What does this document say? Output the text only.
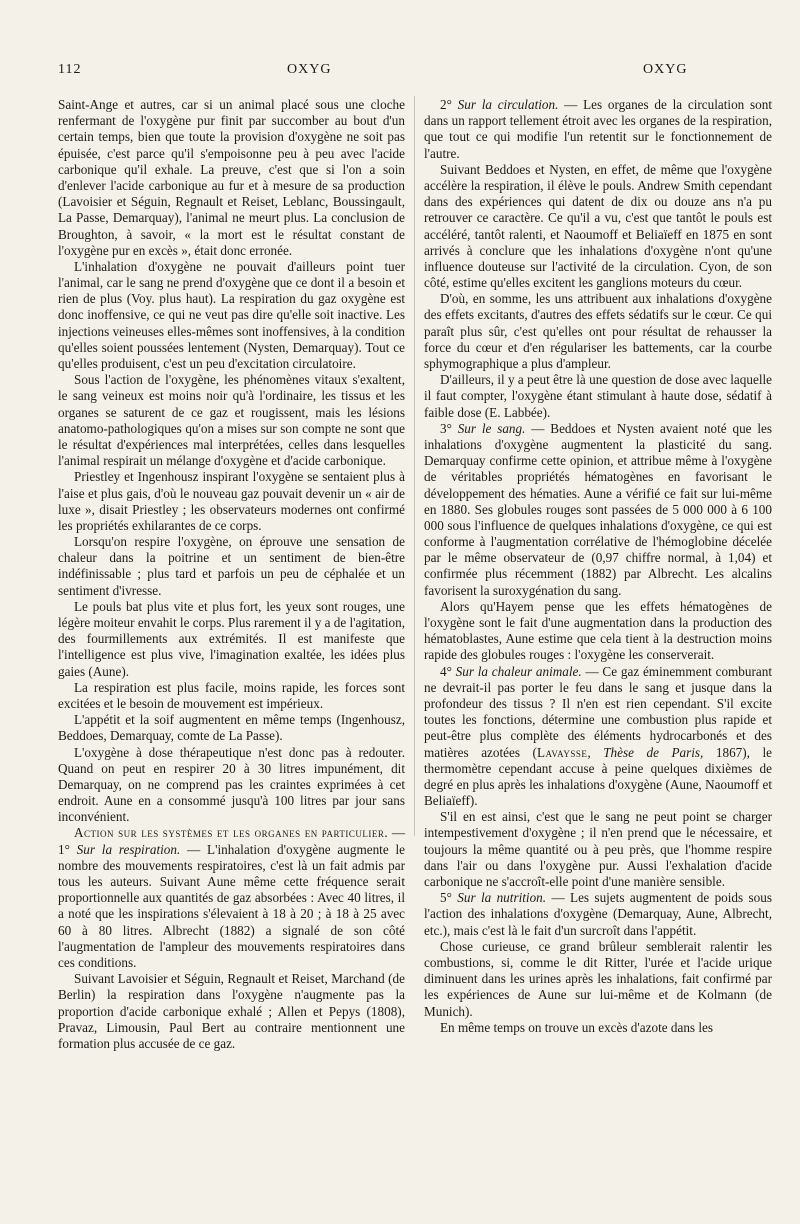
112	OXYG	OXYG

Saint-Ange et autres, car si un animal placé sous une cloche renfermant de l'oxygène pur finit par succomber au bout d'un certain temps, bien que toute la provision d'oxygène ne soit pas épuisée, c'est parce qu'il s'empoisonne peu à peu avec l'acide carbonique qu'il exhale. La preuve, c'est que si l'on a soin d'enlever l'acide carbonique au fur et à mesure de sa production (Lavoisier et Séguin, Regnault et Reiset, Leblanc, Boussingault, La Passe, Demarquay), l'animal ne meurt plus. La conclusion de Broughton, à savoir, « la mort est le résultat constant de l'oxygène pur en excès », était donc erronée.

L'inhalation d'oxygène ne pouvait d'ailleurs point tuer l'animal, car le sang ne prend d'oxygène que ce dont il a besoin et rien de plus (Voy. plus haut). La respiration du gaz oxygène est donc inoffensive, ce qui ne veut pas dire qu'elle soit inactive. Les injections veineuses elles-mêmes sont inoffensives, à la condition qu'elles soient poussées lentement (Nysten, Demarquay). Tout ce qu'elles produisent, c'est un peu d'excitation circulatoire.

Sous l'action de l'oxygène, les phénomènes vitaux s'exaltent, le sang veineux est moins noir qu'à l'ordinaire, les tissus et les organes se saturent de ce gaz et rougissent, mais les lésions anatomo-pathologiques qu'on a mises sur son compte ne sont que le résultat d'expériences mal interprétées, celles dans lesquelles l'animal respirait un mélange d'oxygène et d'acide carbonique.

Priestley et Ingenhousz inspirant l'oxygène se sentaient plus à l'aise et plus gais, d'où le nouveau gaz pouvait devenir un « air de luxe », disait Priestley ; les observateurs modernes ont confirmé les propriétés exhilarantes de ce corps.

Lorsqu'on respire l'oxygène, on éprouve une sensation de chaleur dans la poitrine et un sentiment de bien-être indéfinissable ; plus tard et parfois un peu de céphalée et un sentiment d'ivresse.

Le pouls bat plus vite et plus fort, les yeux sont rouges, une légère moiteur envahit le corps. Plus rarement il y a de l'agitation, des fourmillements aux extrémités. Il est manifeste que l'intelligence est plus vive, l'imagination exaltée, les idées plus gaies (Aune).

La respiration est plus facile, moins rapide, les forces sont excitées et le besoin de mouvement est impérieux.

L'appétit et la soif augmentent en même temps (Ingenhousz, Beddoes, Demarquay, comte de La Passe).

L'oxygène à dose thérapeutique n'est donc pas à redouter. Quand on peut en respirer 20 à 30 litres impunément, dit Demarquay, on ne comprend pas les craintes exprimées à cet endroit. Aune en a consommé jusqu'à 100 litres par jour sans inconvénient.

Action sur les systèmes et les organes en particulier. — 1° Sur la respiration. — L'inhalation d'oxygène augmente le nombre des mouvements respiratoires, c'est là un fait admis par tous les auteurs. Suivant Aune même cette fréquence serait proportionnelle aux quantités de gaz absorbées : Avec 40 litres, il a noté que les inspirations s'élevaient à 18 à 20 ; à 18 à 25 avec 60 à 80 litres. Albrecht (1882) a signalé de son côté l'augmentation de l'ampleur des mouvements respiratoires dans ces conditions.

Suivant Lavoisier et Séguin, Regnault et Reiset, Marchand (de Berlin) la respiration dans l'oxygène n'augmente pas la proportion d'acide carbonique exhalé ; Allen et Pepys (1808), Pravaz, Limousin, Paul Bert au contraire mentionnent une formation plus accusée de ce gaz.

2° Sur la circulation. — Les organes de la circulation sont dans un rapport tellement étroit avec les organes de la respiration, que tout ce qui modifie l'un retentit sur le fonctionnement de l'autre.

Suivant Beddoes et Nysten, en effet, de même que l'oxygène accélère la respiration, il élève le pouls. Andrew Smith cependant dans des expériences qui datent de dix ou douze ans n'a pu retrouver ce caractère. Ce qu'il a vu, c'est que tantôt le pouls est accéléré, tantôt ralenti, et Naoumoff et Beliaïeff en 1875 en sont arrivés à conclure que les inhalations d'oxygène n'ont qu'une influence douteuse sur l'activité de la circulation. Cyon, de son côté, estime qu'elles excitent les ganglions moteurs du cœur.

D'où, en somme, les uns attribuent aux inhalations d'oxygène des effets excitants, d'autres des effets sédatifs sur le cœur. Ce qui paraît plus sûr, c'est qu'elles ont pour résultat de rehausser la force du cœur et d'en régulariser les battements, car la courbe sphymographique a plus d'ampleur.

D'ailleurs, il y a peut être là une question de dose avec laquelle il faut compter, l'oxygène étant stimulant à haute dose, sédatif à faible dose (E. Labbée).

3° Sur le sang. — Beddoes et Nysten avaient noté que les inhalations d'oxygène augmentent la plasticité du sang. Demarquay confirme cette opinion, et attribue même à l'oxygène de véritables propriétés hématogènes en favorisant le développement des hématies. Aune a vérifié ce fait sur lui-même en 1880. Ses globules rouges sont passées de 5 000 000 à 6 100 000 sous l'influence de quelques inhalations d'oxygène, ce qui est conforme à l'augmentation corrélative de l'hémoglobine décelée par le même observateur de (0,97 chiffre normal, à 1,04) et confirmée plus récemment (1882) par Albrecht. Les alcalins favorisent la suroxygénation du sang.

Alors qu'Hayem pense que les effets hématogènes de l'oxygène sont le fait d'une augmentation dans la production des hématoblastes, Aune estime que cela tient à la destruction moins rapide des globules rouges : l'oxygène les conserverait.

4° Sur la chaleur animale. — Ce gaz éminemment comburant ne devrait-il pas porter le feu dans le sang et jusque dans la profondeur des tissus ? Il n'en est rien cependant. S'il excite toutes les fonctions, détermine une combustion plus rapide et peut-être plus complète des éléments hydrocarbonés et des matières azotées (Lavaysse, Thèse de Paris, 1867), le thermomètre cependant accuse à peine quelques dixièmes de degré en plus après les inhalations d'oxygène (Aune, Naoumoff et Beliaïeff).

S'il en est ainsi, c'est que le sang ne peut point se charger intempestivement d'oxygène ; il n'en prend que le nécessaire, et toujours la même quantité ou à peu près, que l'homme respire dans l'air ou dans l'oxygène pur. Aussi l'exhalation d'acide carbonique ne s'accroît-elle point d'une manière sensible.

5° Sur la nutrition. — Les sujets augmentent de poids sous l'action des inhalations d'oxygène (Demarquay, Aune, Albrecht, etc.), mais c'est là le fait d'un surcroît dans l'appétit.

Chose curieuse, ce grand brûleur semblerait ralentir les combustions, si, comme le dit Ritter, l'urée et l'acide urique diminuent dans les urines après les inhalations, fait confirmé par les expériences de Aune sur lui-même et de Kolmann (de Munich).

En même temps on trouve un excès d'azote dans les
